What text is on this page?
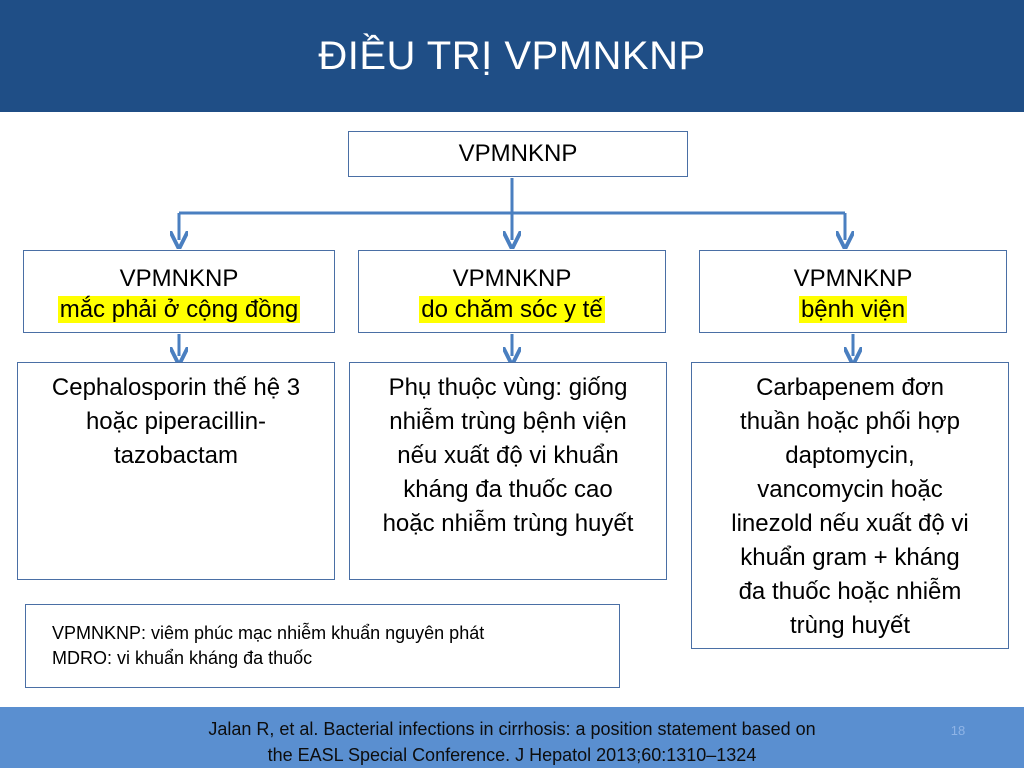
ĐIỀU TRỊ VPMNKNP
VPMNKNP
VPMNKNP
mắc phải ở cộng đồng
VPMNKNP
do chăm sóc y tế
VPMNKNP
bệnh viện
Cephalosporin thế hệ 3
hoặc piperacillin-
tazobactam
Phụ thuộc vùng: giống
nhiễm trùng bệnh viện
nếu xuất độ vi khuẩn
kháng đa thuốc cao
hoặc nhiễm trùng huyết
Carbapenem đơn
thuần hoặc phối hợp
daptomycin,
vancomycin hoặc
linezold nếu xuất độ vi
khuẩn gram + kháng
đa thuốc hoặc nhiễm
trùng huyết
VPMNKNP: viêm phúc mạc nhiễm khuẩn nguyên phát
MDRO: vi khuẩn kháng đa thuốc
Jalan R, et al. Bacterial infections in cirrhosis: a position statement based on
the EASL Special Conference. J Hepatol 2013;60:1310–1324
18
